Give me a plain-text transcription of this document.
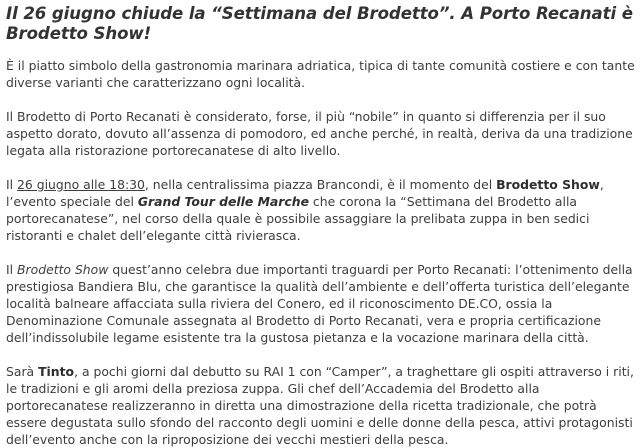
Il 26 giugno chiude la “Settimana del Brodetto”. A Porto Recanati è Brodetto Show!

È il piatto simbolo della gastronomia marinara adriatica, tipica di tante comunità costiere e con tante diverse varianti che caratterizzano ogni località.

Il Brodetto di Porto Recanati è considerato, forse, il più “nobile” in quanto si differenzia per il suo aspetto dorato, dovuto all’assenza di pomodoro, ed anche perché, in realtà, deriva da una tradizione legata alla ristorazione portorecanatese di alto livello.

Il 26 giugno alle 18:30, nella centralissima piazza Brancondi, è il momento del Brodetto Show, l’evento speciale del Grand Tour delle Marche che corona la “Settimana del Brodetto alla portorecanatese”, nel corso della quale è possibile assaggiare la prelibata zuppa in ben sedici ristoranti e chalet dell’elegante città rivierasca.

Il Brodetto Show quest’anno celebra due importanti traguardi per Porto Recanati: l’ottenimento della prestigiosa Bandiera Blu, che garantisce la qualità dell’ambiente e dell’offerta turistica dell’elegante località balneare affacciata sulla riviera del Conero, ed il riconoscimento DE.CO, ossia la Denominazione Comunale assegnata al Brodetto di Porto Recanati, vera e propria certificazione dell’indissolubile legame esistente tra la gustosa pietanza e la vocazione marinara della città.

Sarà Tinto, a pochi giorni dal debutto su RAI 1 con “Camper”, a traghettare gli ospiti attraverso i riti, le tradizioni e gli aromi della preziosa zuppa. Gli chef dell’Accademia del Brodetto alla portorecanatese realizzeranno in diretta una dimostrazione della ricetta tradizionale, che potrà essere degustata sullo sfondo del racconto degli uomini e delle donne della pesca, attivi protagonisti dell’evento anche con la riproposizione dei vecchi mestieri della pesca.
